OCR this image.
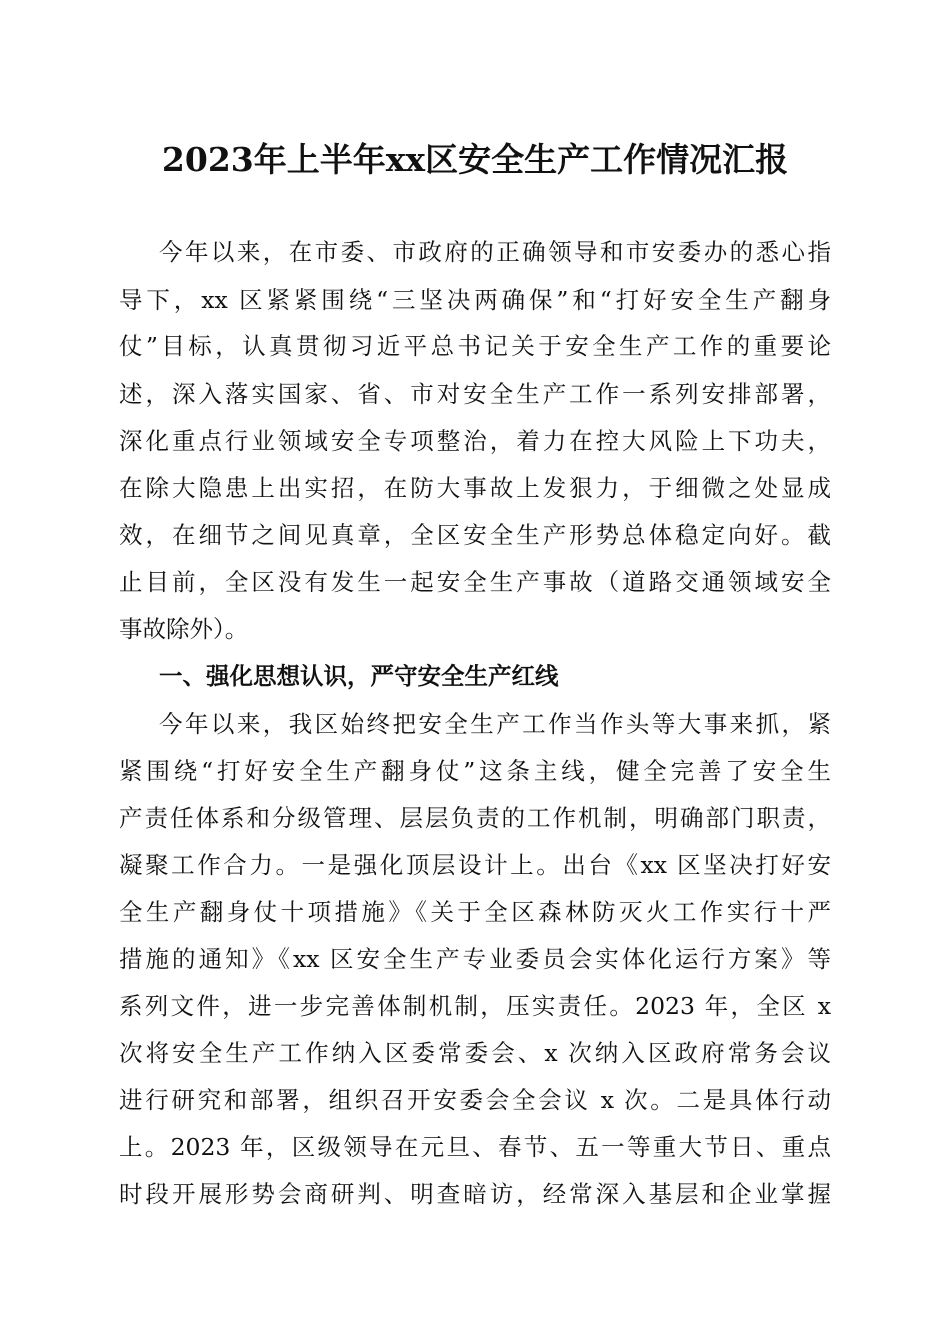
2023年上半年xx区安全生产工作情况汇报
今年以来，在市委、市政府的正确领导和市安委办的悉心指
导下，xx 区紧紧围绕“三坚决两确保”和“打好安全生产翻身
仗”目标，认真贯彻习近平总书记关于安全生产工作的重要论
述，深入落实国家、省、市对安全生产工作一系列安排部署，
深化重点行业领域安全专项整治，着力在控大风险上下功夫，
在除大隐患上出实招，在防大事故上发狠力，于细微之处显成
效，在细节之间见真章，全区安全生产形势总体稳定向好。截
止目前，全区没有发生一起安全生产事故（道路交通领域安全
事故除外）。
一、强化思想认识，严守安全生产红线
今年以来，我区始终把安全生产工作当作头等大事来抓，紧
紧围绕“打好安全生产翻身仗”这条主线，健全完善了安全生
产责任体系和分级管理、层层负责的工作机制，明确部门职责，
凝聚工作合力。一是强化顶层设计上。出台《xx 区坚决打好安
全生产翻身仗十项措施》《关于全区森林防灭火工作实行十严
措施的通知》《xx 区安全生产专业委员会实体化运行方案》等
系列文件，进一步完善体制机制，压实责任。2023 年，全区 x
次将安全生产工作纳入区委常委会、x 次纳入区政府常务会议
进行研究和部署，组织召开安委会全会议 x 次。二是具体行动
上。2023 年，区级领导在元旦、春节、五一等重大节日、重点
时段开展形势会商研判、明查暗访，经常深入基层和企业掌握
